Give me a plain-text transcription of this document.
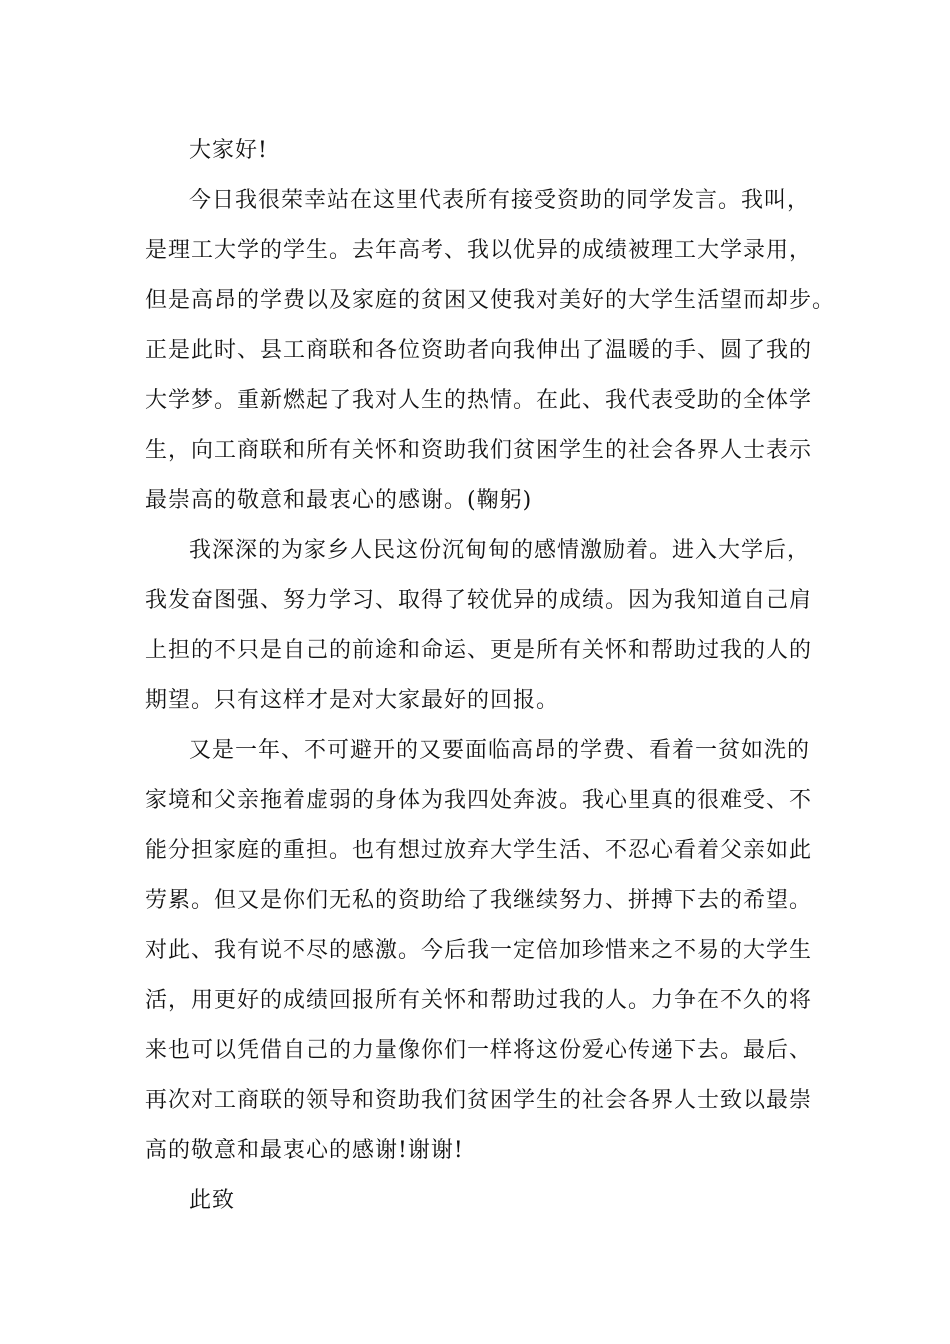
大家好!
今日我很荣幸站在这里代表所有接受资助的同学发言。我叫，
是理工大学的学生。去年高考、我以优异的成绩被理工大学录用，
但是高昂的学费以及家庭的贫困又使我对美好的大学生活望而却步。
正是此时、县工商联和各位资助者向我伸出了温暖的手、圆了我的
大学梦。重新燃起了我对人生的热情。在此、我代表受助的全体学
生，向工商联和所有关怀和资助我们贫困学生的社会各界人士表示
最崇高的敬意和最衷心的感谢。(鞠躬)
我深深的为家乡人民这份沉甸甸的感情激励着。进入大学后，
我发奋图强、努力学习、取得了较优异的成绩。因为我知道自己肩
上担的不只是自己的前途和命运、更是所有关怀和帮助过我的人的
期望。只有这样才是对大家最好的回报。
又是一年、不可避开的又要面临高昂的学费、看着一贫如洗的
家境和父亲拖着虚弱的身体为我四处奔波。我心里真的很难受、不
能分担家庭的重担。也有想过放弃大学生活、不忍心看着父亲如此
劳累。但又是你们无私的资助给了我继续努力、拼搏下去的希望。
对此、我有说不尽的感激。今后我一定倍加珍惜来之不易的大学生
活，用更好的成绩回报所有关怀和帮助过我的人。力争在不久的将
来也可以凭借自己的力量像你们一样将这份爱心传递下去。最后、
再次对工商联的领导和资助我们贫困学生的社会各界人士致以最崇
高的敬意和最衷心的感谢!谢谢!
此致
